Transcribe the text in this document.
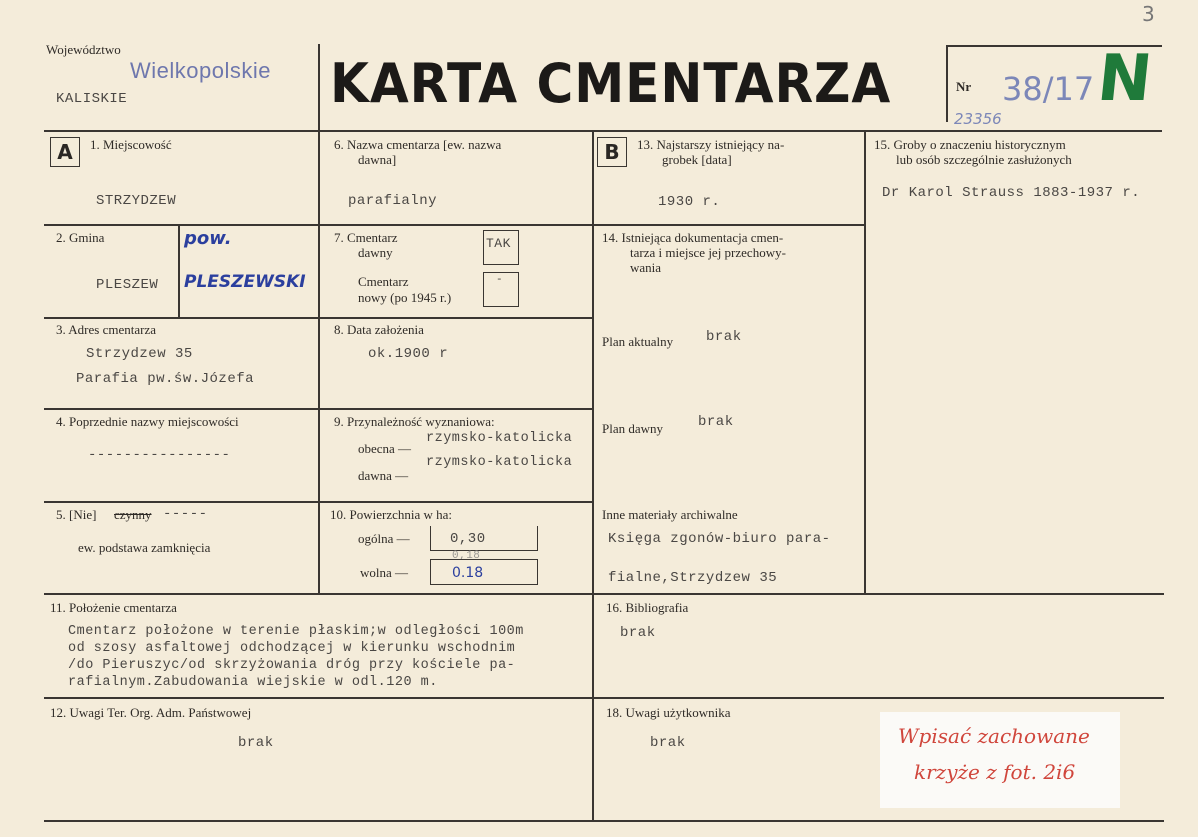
3
Województwo
Wielkopolskie
KALISKIE	KARTA CMENTARZA	Nr 38/17 N
23356
A	B
1. Miejscowość
STRZYDZEW
2. Gmina	pow.
PLESZEW PLESZEWSKI
3. Adres cmentarza
Strzydzew 35
Parafia pw.św.Józefa
4. Poprzednie nazwy miejscowości
----------------
5. [Nie] czynny -----
ew. podstawa zamknięcia
6. Nazwa cmentarza [ew. nazwa
dawna]
parafialny
7. Cmentarz
dawny
TAK
Cmentarz
nowy (po 1945 r.)
-
8. Data założenia
ok.1900 r
9. Przynależność wyznaniowa:
obecna —
rzymsko-katolicka
dawna —
rzymsko-katolicka
10. Powierzchnia w ha:
ogólna —	0,30
0,18
wolna —	0.18
13. Najstarszy istniejący na-
grobek [data]
1930 r.
14. Istniejąca dokumentacja cmen-
tarza i miejsce jej przechowy-
wania
Plan aktualny brak
Plan dawny brak
Inne materiały archiwalne
Księga zgonów-biuro para-
fialne,Strzydzew 35
15. Groby o znaczeniu historycznym
lub osób szczególnie zasłużonych
Dr Karol Strauss 1883-1937 r.
11. Położenie cmentarza
Cmentarz położone w terenie płaskim;w odległości 100m
od szosy asfaltowej odchodzącej w kierunku wschodnim
/do Pieruszyc/od skrzyżowania dróg przy kościele pa-
rafialnym.Zabudowania wiejskie w odl.120 m.
16. Bibliografia
brak
12. Uwagi Ter. Org. Adm. Państwowej
brak
18. Uwagi użytkownika
brak	Wpisać zachowane
krzyże z fot. 2i6
